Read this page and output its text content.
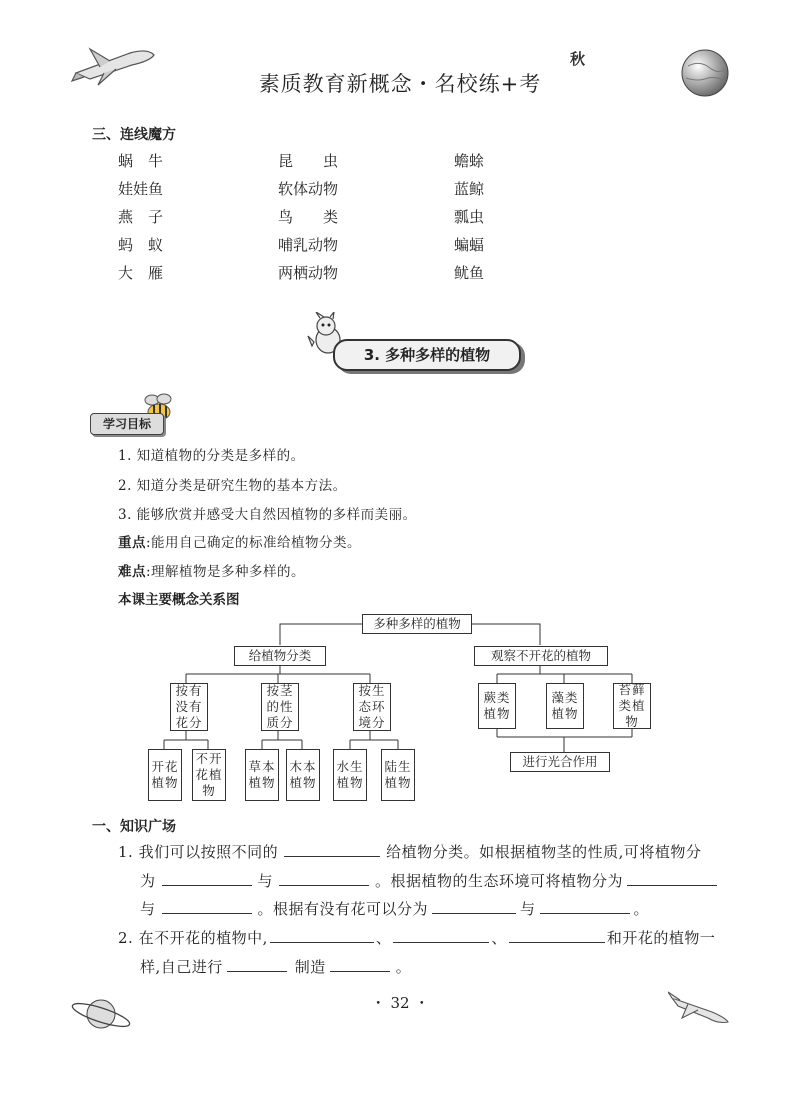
素质教育新概念・名校练+考
秋
三、连线魔方
蜗　牛	昆　　虫	蟾蜍
娃娃鱼	软体动物	蓝鲸
燕　子	鸟　　类	瓢虫
蚂　蚁	哺乳动物	蝙蝠
大　雁	两栖动物	鱿鱼
3. 多种多样的植物
学习目标
1. 知道植物的分类是多样的。
2. 知道分类是研究生物的基本方法。
3. 能够欣赏并感受大自然因植物的多样而美丽。
重点:能用自己确定的标准给植物分类。
难点:理解植物是多种多样的。
本课主要概念关系图
多种多样的植物
给植物分类	观察不开花的植物
按有
没有
花分
按茎
的性
质分
按生
态环
境分
开花
植物
不开
花植
物
草本
植物
木本
植物
水生
植物
陆生
植物
蕨类
植物
藻类
植物
苔藓
类植
物
进行光合作用
一、知识广场
1. 我们可以按照不同的	给植物分类。如根据植物茎的性质,可将植物分
为	与	。根据植物的生态环境可将植物分为
与	。根据有没有花可以分为	与	。
2. 在不开花的植物中,	、	、	和开花的植物一
样,自己进行	制造	。
・ 32 ・
